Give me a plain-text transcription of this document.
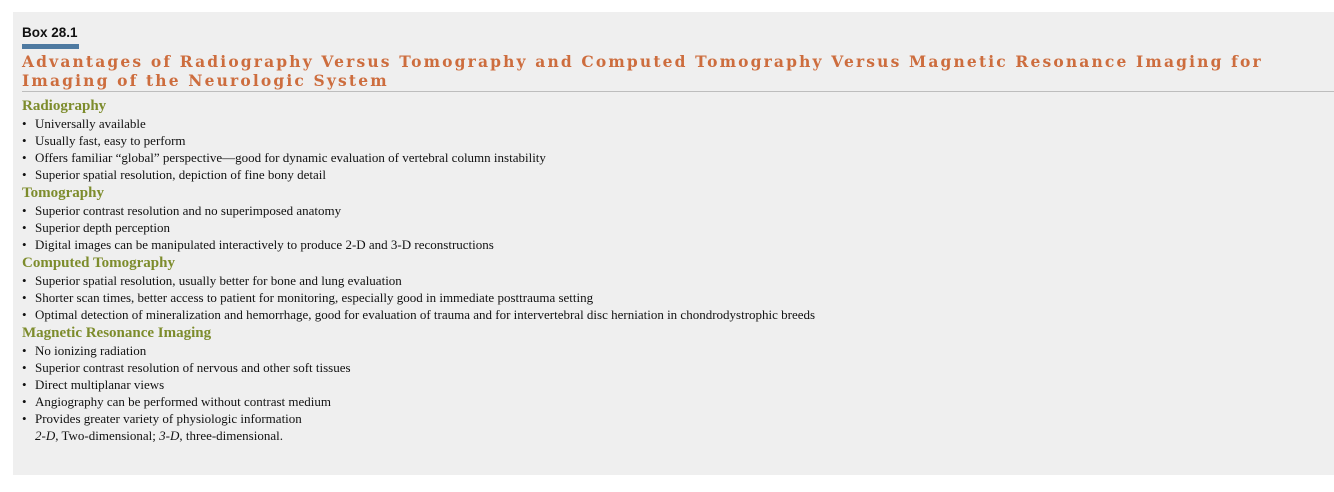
Box 28.1

Advantages of Radiography Versus Tomography and Computed Tomography Versus Magnetic Resonance Imaging for Imaging of the Neurologic System
Radiography
• Universally available
• Usually fast, easy to perform
• Offers familiar “global” perspective—good for dynamic evaluation of vertebral column instability
• Superior spatial resolution, depiction of fine bony detail
Tomography
• Superior contrast resolution and no superimposed anatomy
• Superior depth perception
• Digital images can be manipulated interactively to produce 2-D and 3-D reconstructions
Computed Tomography
• Superior spatial resolution, usually better for bone and lung evaluation
• Shorter scan times, better access to patient for monitoring, especially good in immediate posttrauma setting
• Optimal detection of mineralization and hemorrhage, good for evaluation of trauma and for intervertebral disc herniation in chondrodystrophic breeds
Magnetic Resonance Imaging
• No ionizing radiation
• Superior contrast resolution of nervous and other soft tissues
• Direct multiplanar views
• Angiography can be performed without contrast medium
• Provides greater variety of physiologic information

2-D, Two-dimensional; 3-D, three-dimensional.
